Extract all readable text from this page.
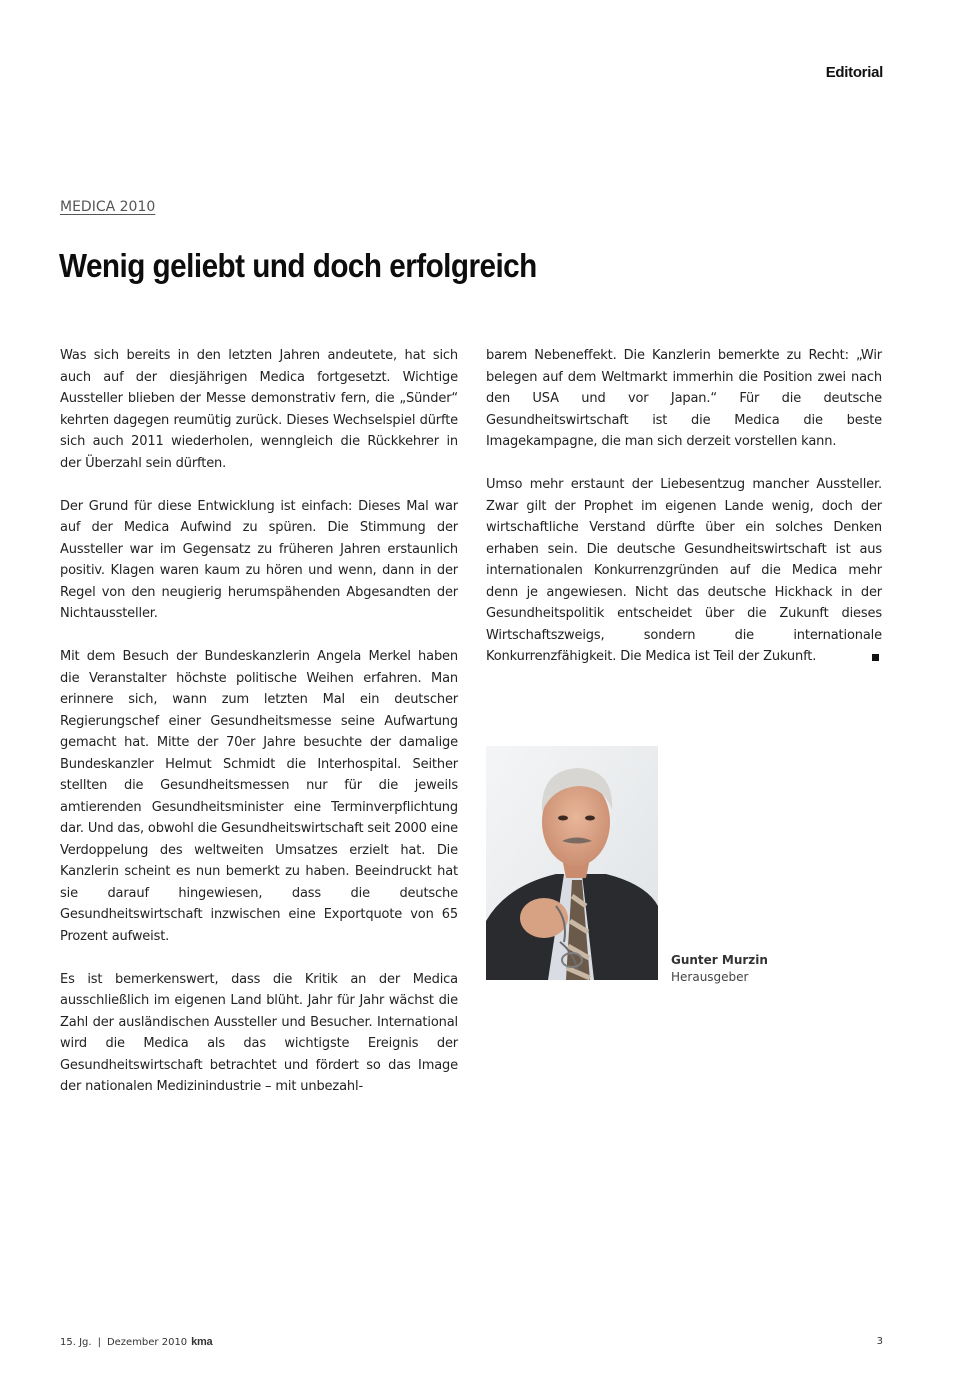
Editorial
MEDICA 2010
Wenig geliebt und doch erfolgreich

Was sich bereits in den letzten Jahren andeutete, hat sich auch auf der diesjährigen Medica fortgesetzt. Wichtige Aussteller blieben der Messe demonstrativ fern, die „Sünder“ kehrten dagegen reumütig zurück. Dieses Wechselspiel dürfte sich auch 2011 wiederholen, wenngleich die Rückkehrer in der Überzahl sein dürften.

Der Grund für diese Entwicklung ist einfach: Dieses Mal war auf der Medica Aufwind zu spüren. Die Stimmung der Aussteller war im Gegensatz zu früheren Jahren erstaunlich positiv. Klagen waren kaum zu hören und wenn, dann in der Regel von den neugierig herumspähenden Abgesandten der Nichtaussteller.

Mit dem Besuch der Bundeskanzlerin Angela Merkel haben die Veranstalter höchste politische Weihen erfahren. Man erinnere sich, wann zum letzten Mal ein deutscher Regierungschef einer Gesundheitsmesse seine Aufwartung gemacht hat. Mitte der 70er Jahre besuchte der damalige Bundeskanzler Helmut Schmidt die Interhospital. Seither stellten die Gesundheitsmessen nur für die jeweils amtierenden Gesundheitsminister eine Terminverpflichtung dar. Und das, obwohl die Gesundheitswirtschaft seit 2000 eine Verdoppelung des weltweiten Umsatzes erzielt hat. Die Kanzlerin scheint es nun bemerkt zu haben. Beeindruckt hat sie darauf hingewiesen, dass die deutsche Gesundheitswirtschaft inzwischen eine Exportquote von 65 Prozent aufweist.

Es ist bemerkenswert, dass die Kritik an der Medica ausschließlich im eigenen Land blüht. Jahr für Jahr wächst die Zahl der ausländischen Aussteller und Besucher. International wird die Medica als das wichtigste Ereignis der Gesundheitswirtschaft betrachtet und fördert so das Image der nationalen Medizinindustrie – mit unbezahl-

barem Nebeneffekt. Die Kanzlerin bemerkte zu Recht: „Wir belegen auf dem Weltmarkt immerhin die Position zwei nach den USA und vor Japan.“ Für die deutsche Gesundheitswirtschaft ist die Medica die beste Imagekampagne, die man sich derzeit vorstellen kann.

Umso mehr erstaunt der Liebesentzug mancher Aussteller. Zwar gilt der Prophet im eigenen Lande wenig, doch der wirtschaftliche Verstand dürfte über ein solches Denken erhaben sein. Die deutsche Gesundheitswirtschaft ist aus internationalen Konkurrenzgründen auf die Medica mehr denn je angewiesen. Nicht das deutsche Hickhack in der Gesundheitspolitik entscheidet über die Zukunft dieses Wirtschaftszweigs, sondern die internationale Konkurrenzfähigkeit. Die Medica ist Teil der Zukunft.

Gunter Murzin
Herausgeber
15. Jg. | Dezember 2010 kma	3
